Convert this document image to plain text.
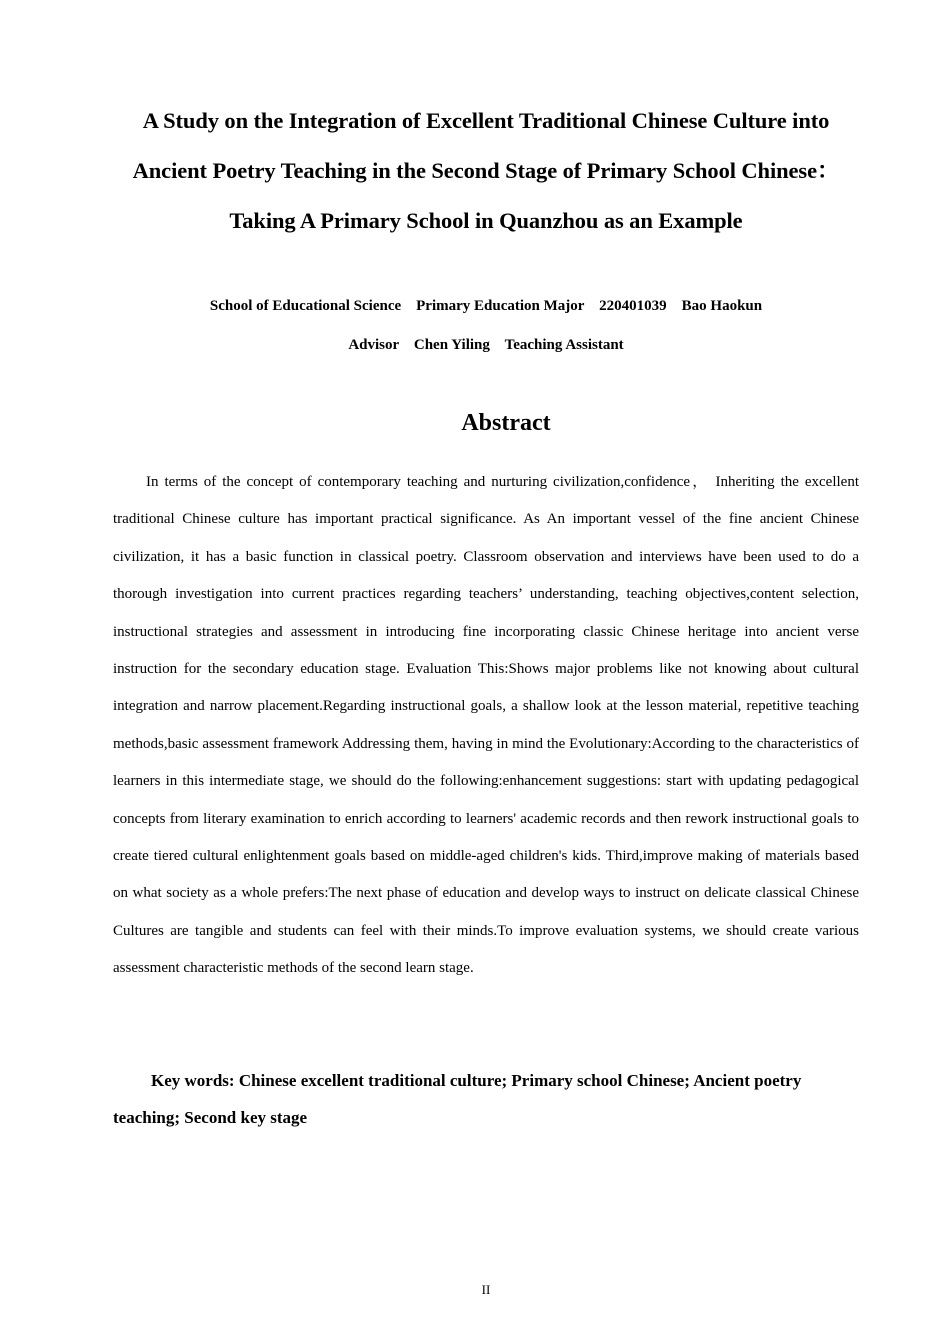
A Study on the Integration of Excellent Traditional Chinese Culture into
Ancient Poetry Teaching in the Second Stage of Primary School Chinese：
Taking A Primary School in Quanzhou as an Example
School of Educational Science    Primary Education Major    220401039    Bao Haokun
Advisor    Chen Yiling    Teaching Assistant
Abstract
In terms of the concept of contemporary teaching and nurturing civilization,confidence， Inheriting the excellent traditional Chinese culture has important practical significance. As An important vessel of the fine ancient Chinese civilization, it has a basic function in classical poetry. Classroom observation and interviews have been used to do a thorough investigation into current practices regarding teachers’ understanding, teaching objectives,content selection, instructional strategies and assessment in introducing fine incorporating classic Chinese heritage into ancient verse instruction for the secondary education stage. Evaluation This:Shows major problems like not knowing about cultural integration and narrow placement.Regarding instructional goals, a shallow look at the lesson material, repetitive teaching methods,basic assessment framework Addressing them, having in mind the Evolutionary:According to the characteristics of learners in this intermediate stage, we should do the following:enhancement suggestions: start with updating pedagogical concepts from literary examination to enrich according to learners' academic records and then rework instructional goals to create tiered cultural enlightenment goals based on middle-aged children's kids. Third,improve making of materials based on what society as a whole prefers:The next phase of education and develop ways to instruct on delicate classical Chinese Cultures are tangible and students can feel with their minds.To improve evaluation systems, we should create various assessment characteristic methods of the second learn stage.
Key words: Chinese excellent traditional culture; Primary school Chinese; Ancient poetry teaching; Second key stage
II
